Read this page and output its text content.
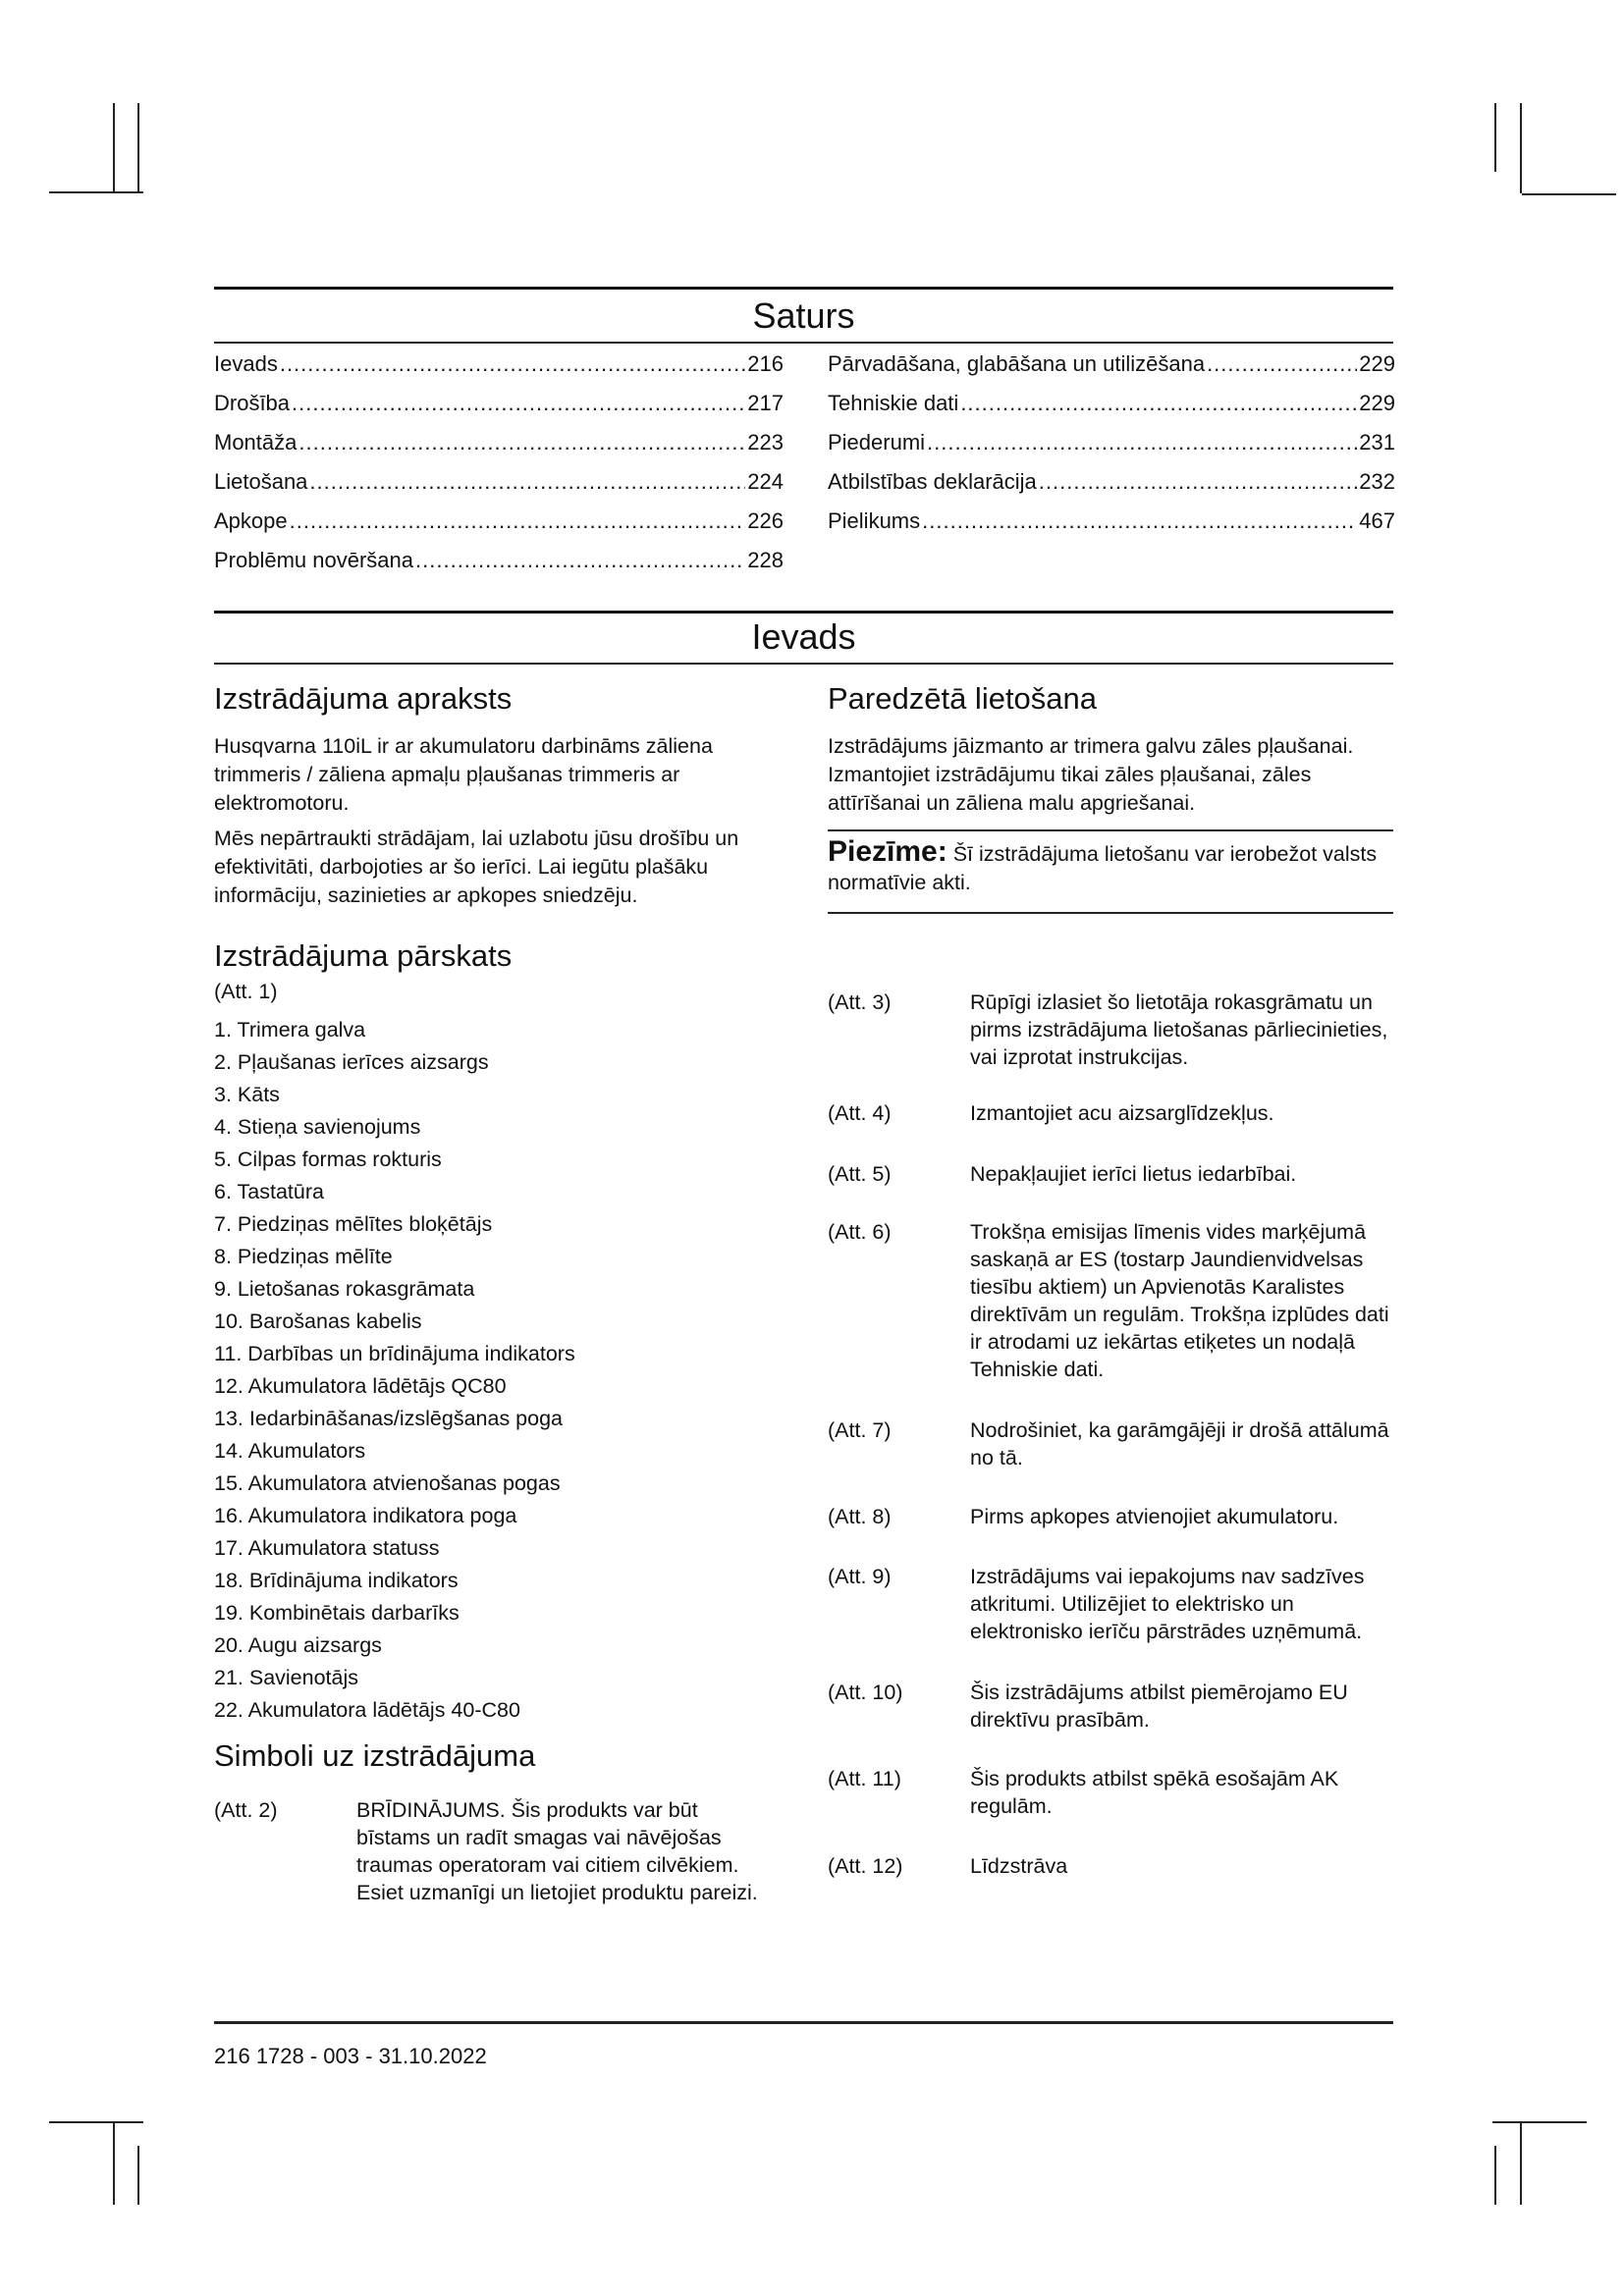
Saturs
Ievads .....	216
Drošība .....	217
Montāža .....	223
Lietošana .....	224
Apkope .....	226
Problēmu novēršana .....	228
Pārvadāšana, glabāšana un utilizēšana .....	229
Tehniskie dati .....	229
Piederumi .....	231
Atbilstības deklarācija .....	232
Pielikums .....	467
Ievads
Izstrādājuma apraksts

Husqvarna 110iL ir ar akumulatoru darbināms zāliena trimmeris / zāliena apmaļu pļaušanas trimmeris ar elektromotoru.

Mēs nepārtraukti strādājam, lai uzlabotu jūsu drošību un efektivitāti, darbojoties ar šo ierīci. Lai iegūtu plašāku informāciju, sazinieties ar apkopes sniedzēju.

Paredzētā lietošana

Izstrādājums jāizmanto ar trimera galvu zāles pļaušanai. Izmantojiet izstrādājumu tikai zāles pļaušanai, zāles attīrīšanai un zāliena malu apgriešanai.

Piezīme: Šī izstrādājuma lietošanu var ierobežot valsts normatīvie akti.

Izstrādājuma pārskats

(Att. 1)

1. Trimera galva
2. Pļaušanas ierīces aizsargs
3. Kāts
4. Stieņa savienojums
5. Cilpas formas rokturis
6. Tastatūra
7. Piedziņas mēlītes bloķētājs
8. Piedziņas mēlīte
9. Lietošanas rokasgrāmata
10. Barošanas kabelis
11. Darbības un brīdinājuma indikators
12. Akumulatora lādētājs QC80
13. Iedarbināšanas/izslēgšanas poga
14. Akumulators
15. Akumulatora atvienošanas pogas
16. Akumulatora indikatora poga
17. Akumulatora statuss
18. Brīdinājuma indikators
19. Kombinētais darbarīks
20. Augu aizsargs
21. Savienotājs
22. Akumulatora lādētājs 40-C80
Simboli uz izstrādājuma
(Att. 2)	BRĪDINĀJUMS. Šis produkts var būt bīstams un radīt smagas vai nāvējošas traumas operatoram vai citiem cilvēkiem. Esiet uzmanīgi un lietojiet produktu pareizi.
(Att. 3)	Rūpīgi izlasiet šo lietotāja rokasgrāmatu un pirms izstrādājuma lietošanas pārliecinieties, vai izprotat instrukcijas.
(Att. 4)	Izmantojiet acu aizsarglīdzekļus.
(Att. 5)	Nepakļaujiet ierīci lietus iedarbībai.
(Att. 6)	Trokšņa emisijas līmenis vides marķējumā saskaņā ar ES (tostarp Jaundienvidvelsas tiesību aktiem) un Apvienotās Karalistes direktīvām un regulām. Trokšņa izplūdes dati ir atrodami uz iekārtas etiķetes un nodaļā Tehniskie dati.
(Att. 7)	Nodrošiniet, ka garāmgājēji ir drošā attālumā no tā.
(Att. 8)	Pirms apkopes atvienojiet akumulatoru.
(Att. 9)	Izstrādājums vai iepakojums nav sadzīves atkritumi. Utilizējiet to elektrisko un elektronisko ierīču pārstrādes uzņēmumā.
(Att. 10)	Šis izstrādājums atbilst piemērojamo EU direktīvu prasībām.
(Att. 11)	Šis produkts atbilst spēkā esošajām AK regulām.
(Att. 12)	Līdzstrāva
216 1728 - 003 - 31.10.2022
